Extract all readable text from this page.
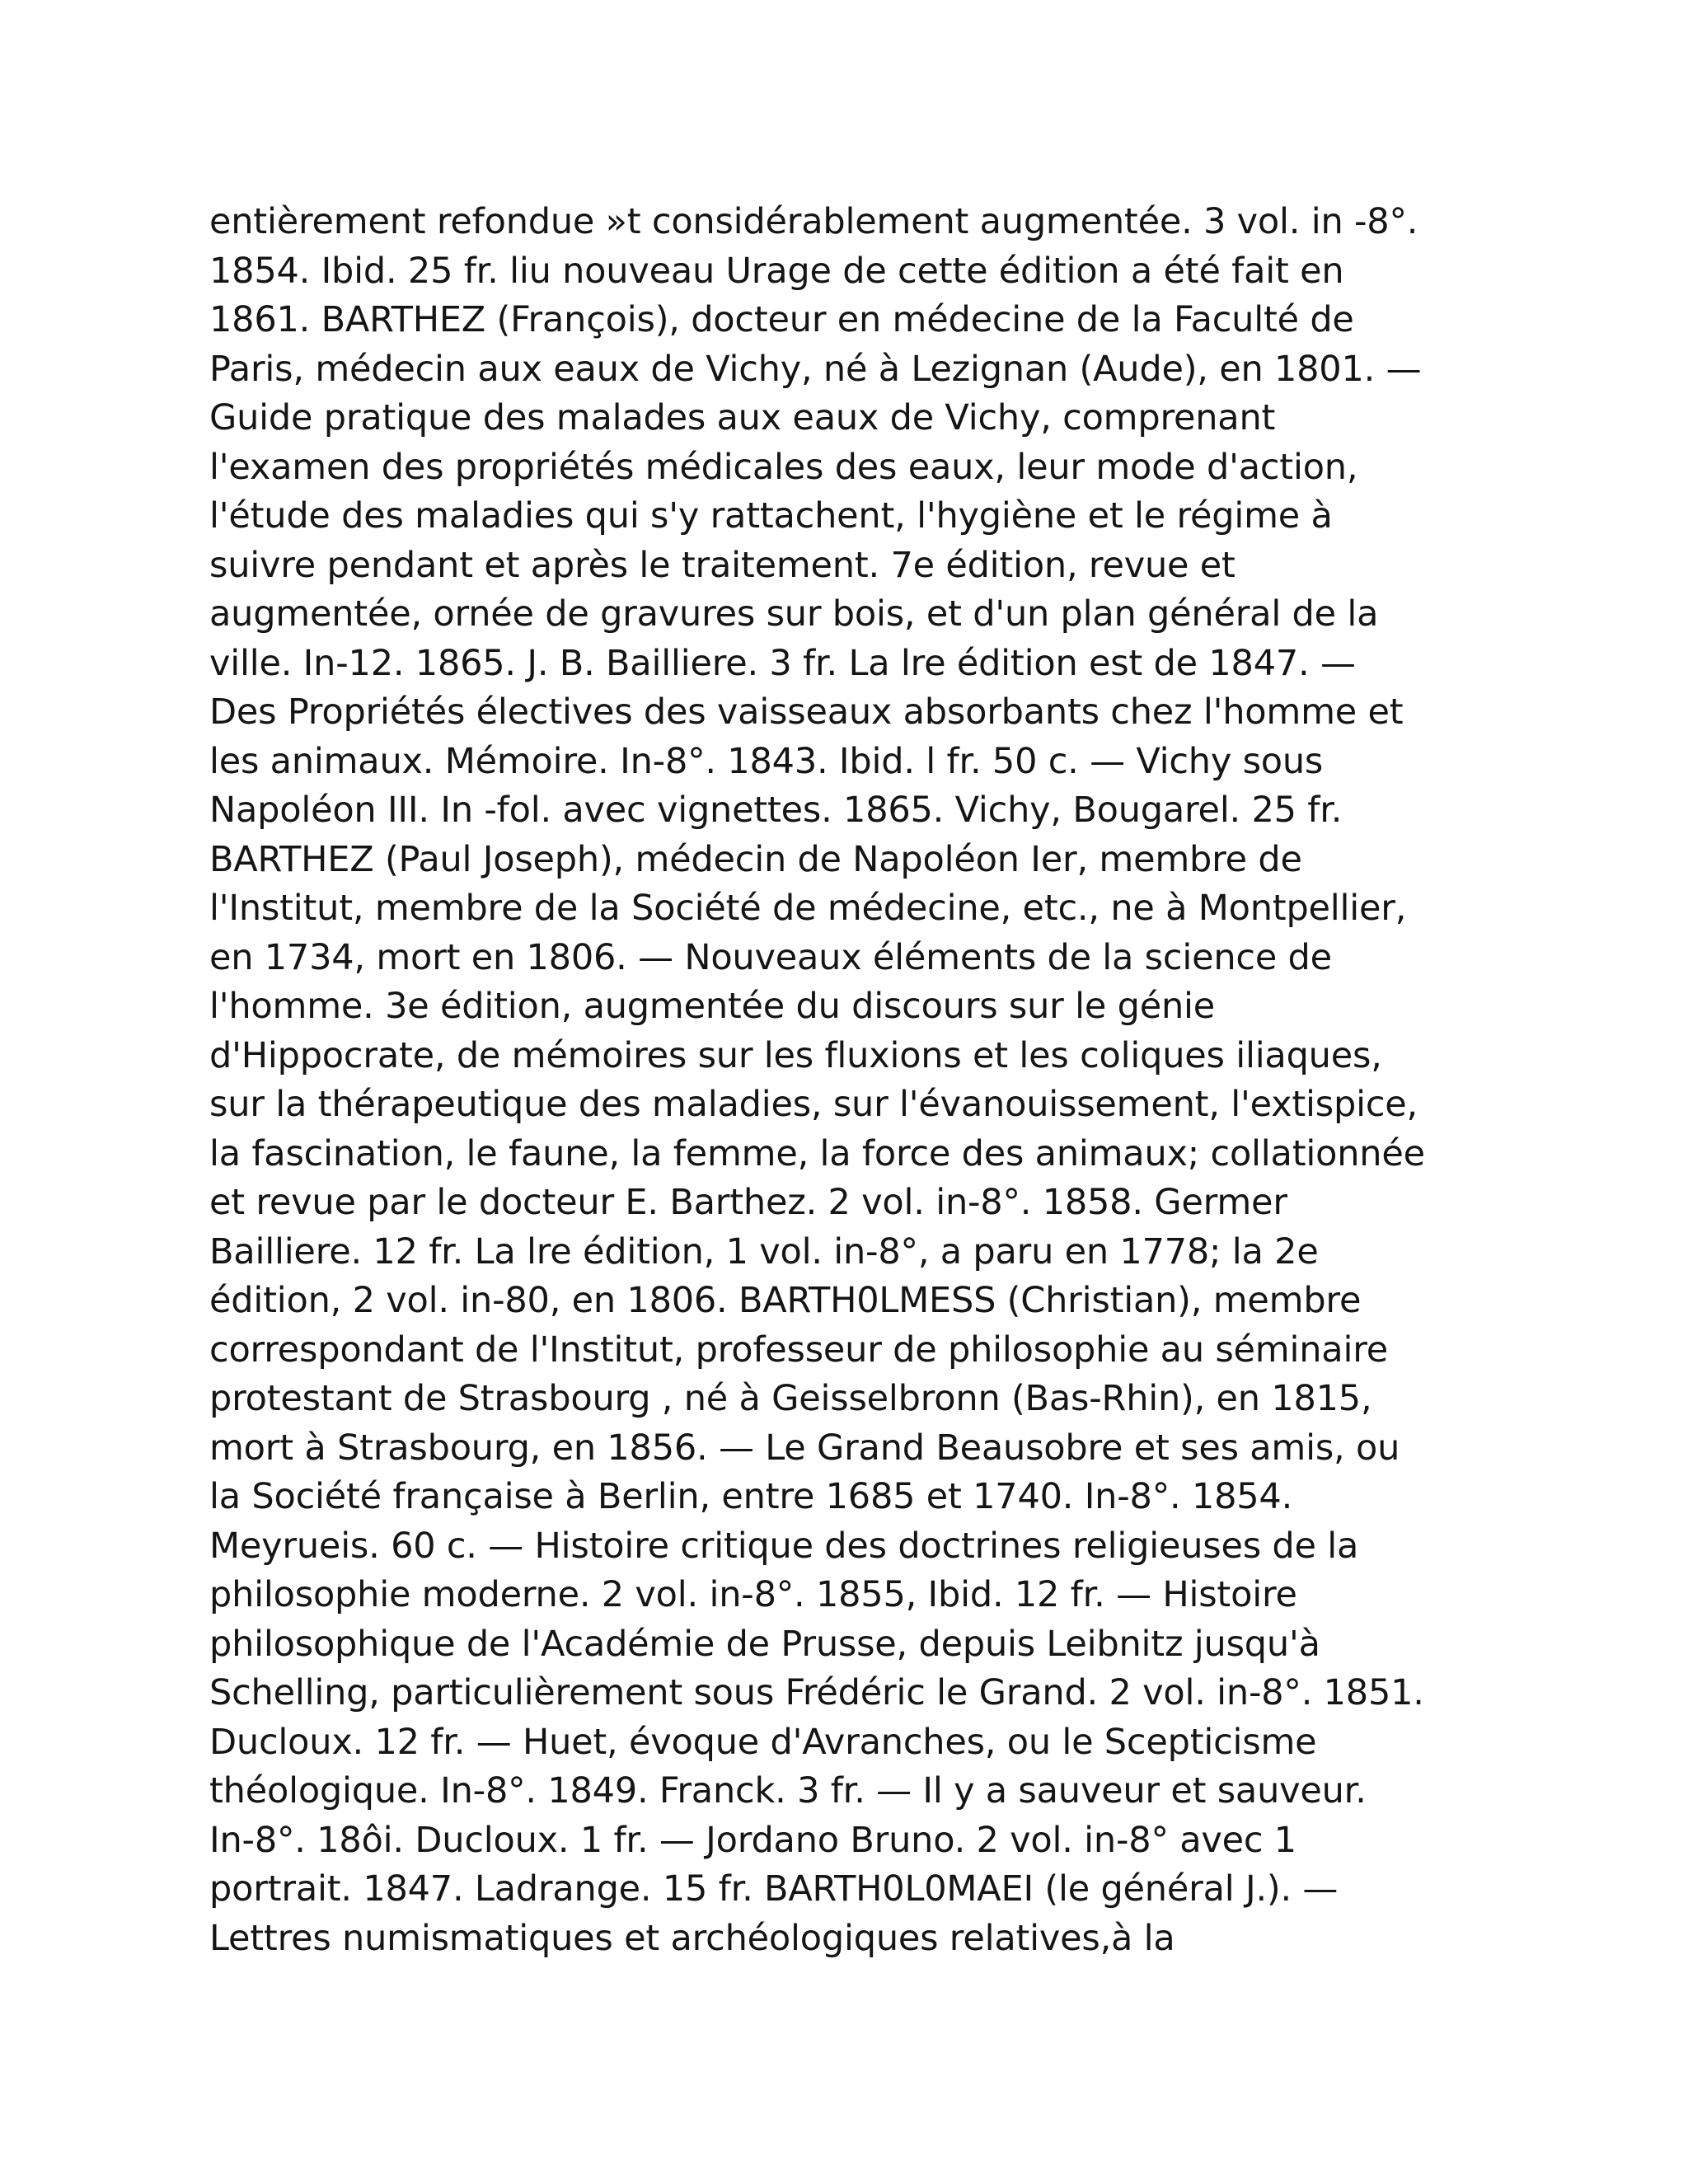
entièrement refondue »t considérablement augmentée. 3 vol. in -8°.
1854. Ibid. 25 fr. liu nouveau Urage de cette édition a été fait en
1861. BARTHEZ (François), docteur en médecine de la Faculté de
Paris, médecin aux eaux de Vichy, né à Lezignan (Aude), en 1801. —
Guide pratique des malades aux eaux de Vichy, comprenant
l'examen des propriétés médicales des eaux, leur mode d'action,
l'étude des maladies qui s'y rattachent, l'hygiène et le régime à
suivre pendant et après le traitement. 7e édition, revue et
augmentée, ornée de gravures sur bois, et d'un plan général de la
ville. In-12. 1865. J. B. Bailliere. 3 fr. La lre édition est de 1847. —
Des Propriétés électives des vaisseaux absorbants chez l'homme et
les animaux. Mémoire. In-8°. 1843. Ibid. l fr. 50 c. — Vichy sous
Napoléon III. In -fol. avec vignettes. 1865. Vichy, Bougarel. 25 fr.
BARTHEZ (Paul Joseph), médecin de Napoléon Ier, membre de
l'Institut, membre de la Société de médecine, etc., ne à Montpellier,
en 1734, mort en 1806. — Nouveaux éléments de la science de
l'homme. 3e édition, augmentée du discours sur le génie
d'Hippocrate, de mémoires sur les fluxions et les coliques iliaques,
sur la thérapeutique des maladies, sur l'évanouissement, l'extispice,
la fascination, le faune, la femme, la force des animaux; collationnée
et revue par le docteur E. Barthez. 2 vol. in-8°. 1858. Germer
Bailliere. 12 fr. La lre édition, 1 vol. in-8°, a paru en 1778; la 2e
édition, 2 vol. in-80, en 1806. BARTH0LMESS (Christian), membre
correspondant de l'Institut, professeur de philosophie au séminaire
protestant de Strasbourg , né à Geisselbronn (Bas-Rhin), en 1815,
mort à Strasbourg, en 1856. — Le Grand Beausobre et ses amis, ou
la Société française à Berlin, entre 1685 et 1740. In-8°. 1854.
Meyrueis. 60 c. — Histoire critique des doctrines religieuses de la
philosophie moderne. 2 vol. in-8°. 1855, Ibid. 12 fr. — Histoire
philosophique de l'Académie de Prusse, depuis Leibnitz jusqu'à
Schelling, particulièrement sous Frédéric le Grand. 2 vol. in-8°. 1851.
Ducloux. 12 fr. — Huet, évoque d'Avranches, ou le Scepticisme
théologique. In-8°. 1849. Franck. 3 fr. — Il y a sauveur et sauveur.
In-8°. 18ôi. Ducloux. 1 fr. — Jordano Bruno. 2 vol. in-8° avec 1
portrait. 1847. Ladrange. 15 fr. BARTH0L0MAEI (le général J.). —
Lettres numismatiques et archéologiques relatives,à la
